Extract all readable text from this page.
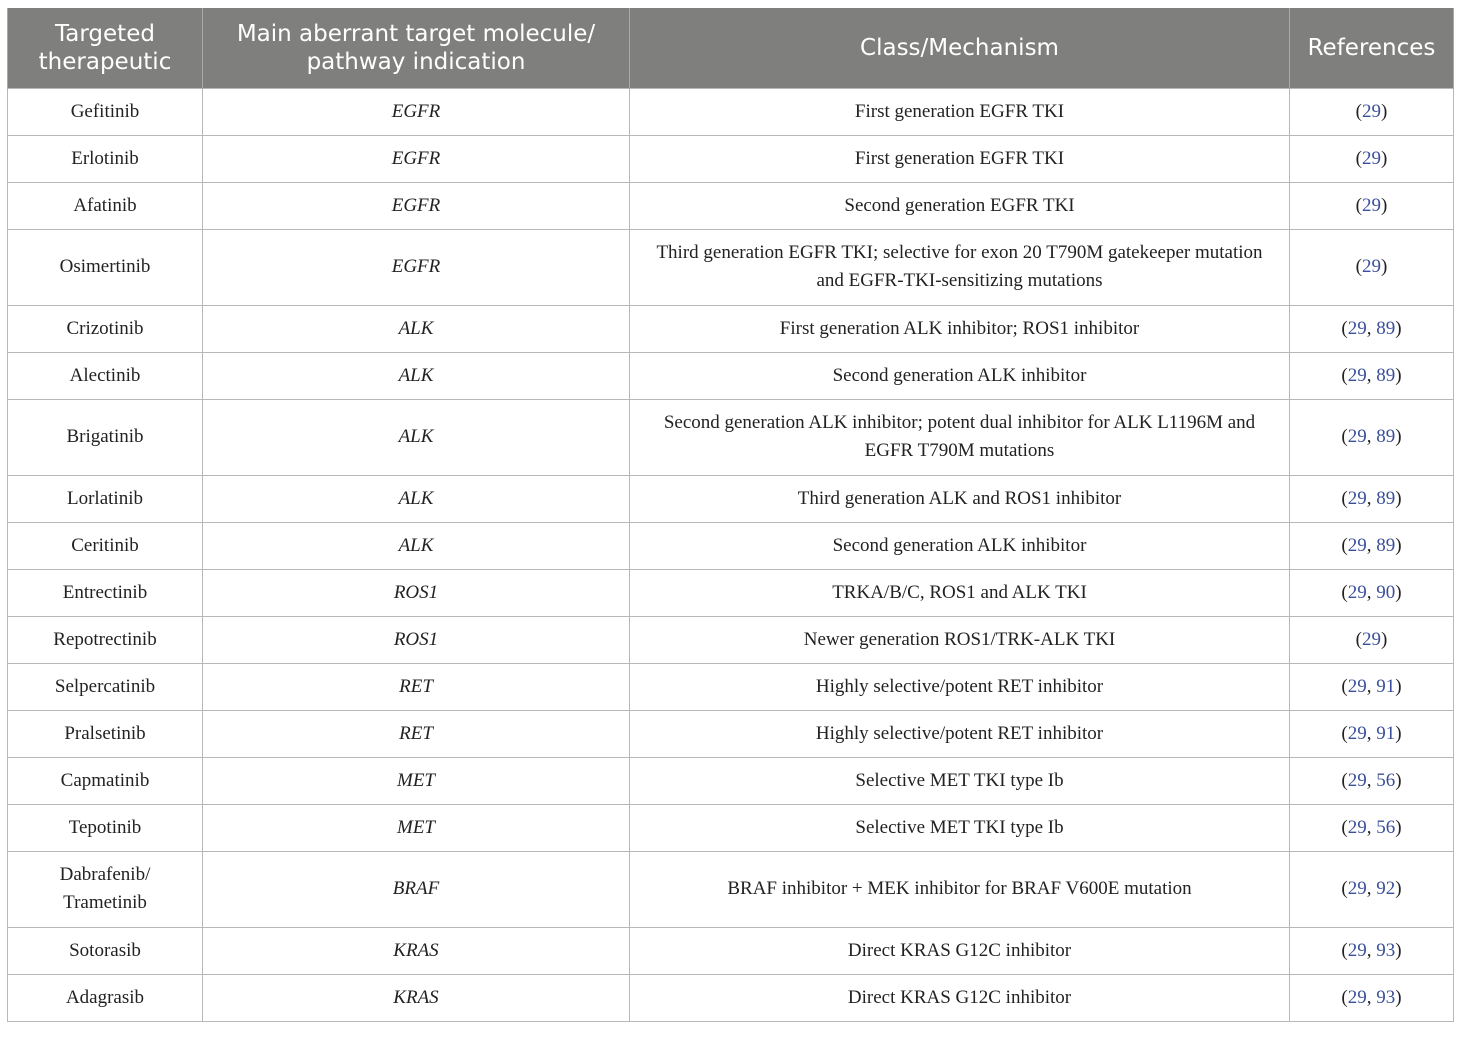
Targeted therapeutic	Main aberrant target molecule/ pathway indication	Class/Mechanism	References
Gefitinib	EGFR	First generation EGFR TKI	(29)
Erlotinib	EGFR	First generation EGFR TKI	(29)
Afatinib	EGFR	Second generation EGFR TKI	(29)
Osimertinib	EGFR	Third generation EGFR TKI; selective for exon 20 T790M gatekeeper mutation and EGFR-TKI-sensitizing mutations	(29)
Crizotinib	ALK	First generation ALK inhibitor; ROS1 inhibitor	(29, 89)
Alectinib	ALK	Second generation ALK inhibitor	(29, 89)
Brigatinib	ALK	Second generation ALK inhibitor; potent dual inhibitor for ALK L1196M and EGFR T790M mutations	(29, 89)
Lorlatinib	ALK	Third generation ALK and ROS1 inhibitor	(29, 89)
Ceritinib	ALK	Second generation ALK inhibitor	(29, 89)
Entrectinib	ROS1	TRKA/B/C, ROS1 and ALK TKI	(29, 90)
Repotrectinib	ROS1	Newer generation ROS1/TRK-ALK TKI	(29)
Selpercatinib	RET	Highly selective/potent RET inhibitor	(29, 91)
Pralsetinib	RET	Highly selective/potent RET inhibitor	(29, 91)
Capmatinib	MET	Selective MET TKI type Ib	(29, 56)
Tepotinib	MET	Selective MET TKI type Ib	(29, 56)
Dabrafenib/ Trametinib	BRAF	BRAF inhibitor + MEK inhibitor for BRAF V600E mutation	(29, 92)
Sotorasib	KRAS	Direct KRAS G12C inhibitor	(29, 93)
Adagrasib	KRAS	Direct KRAS G12C inhibitor	(29, 93)
